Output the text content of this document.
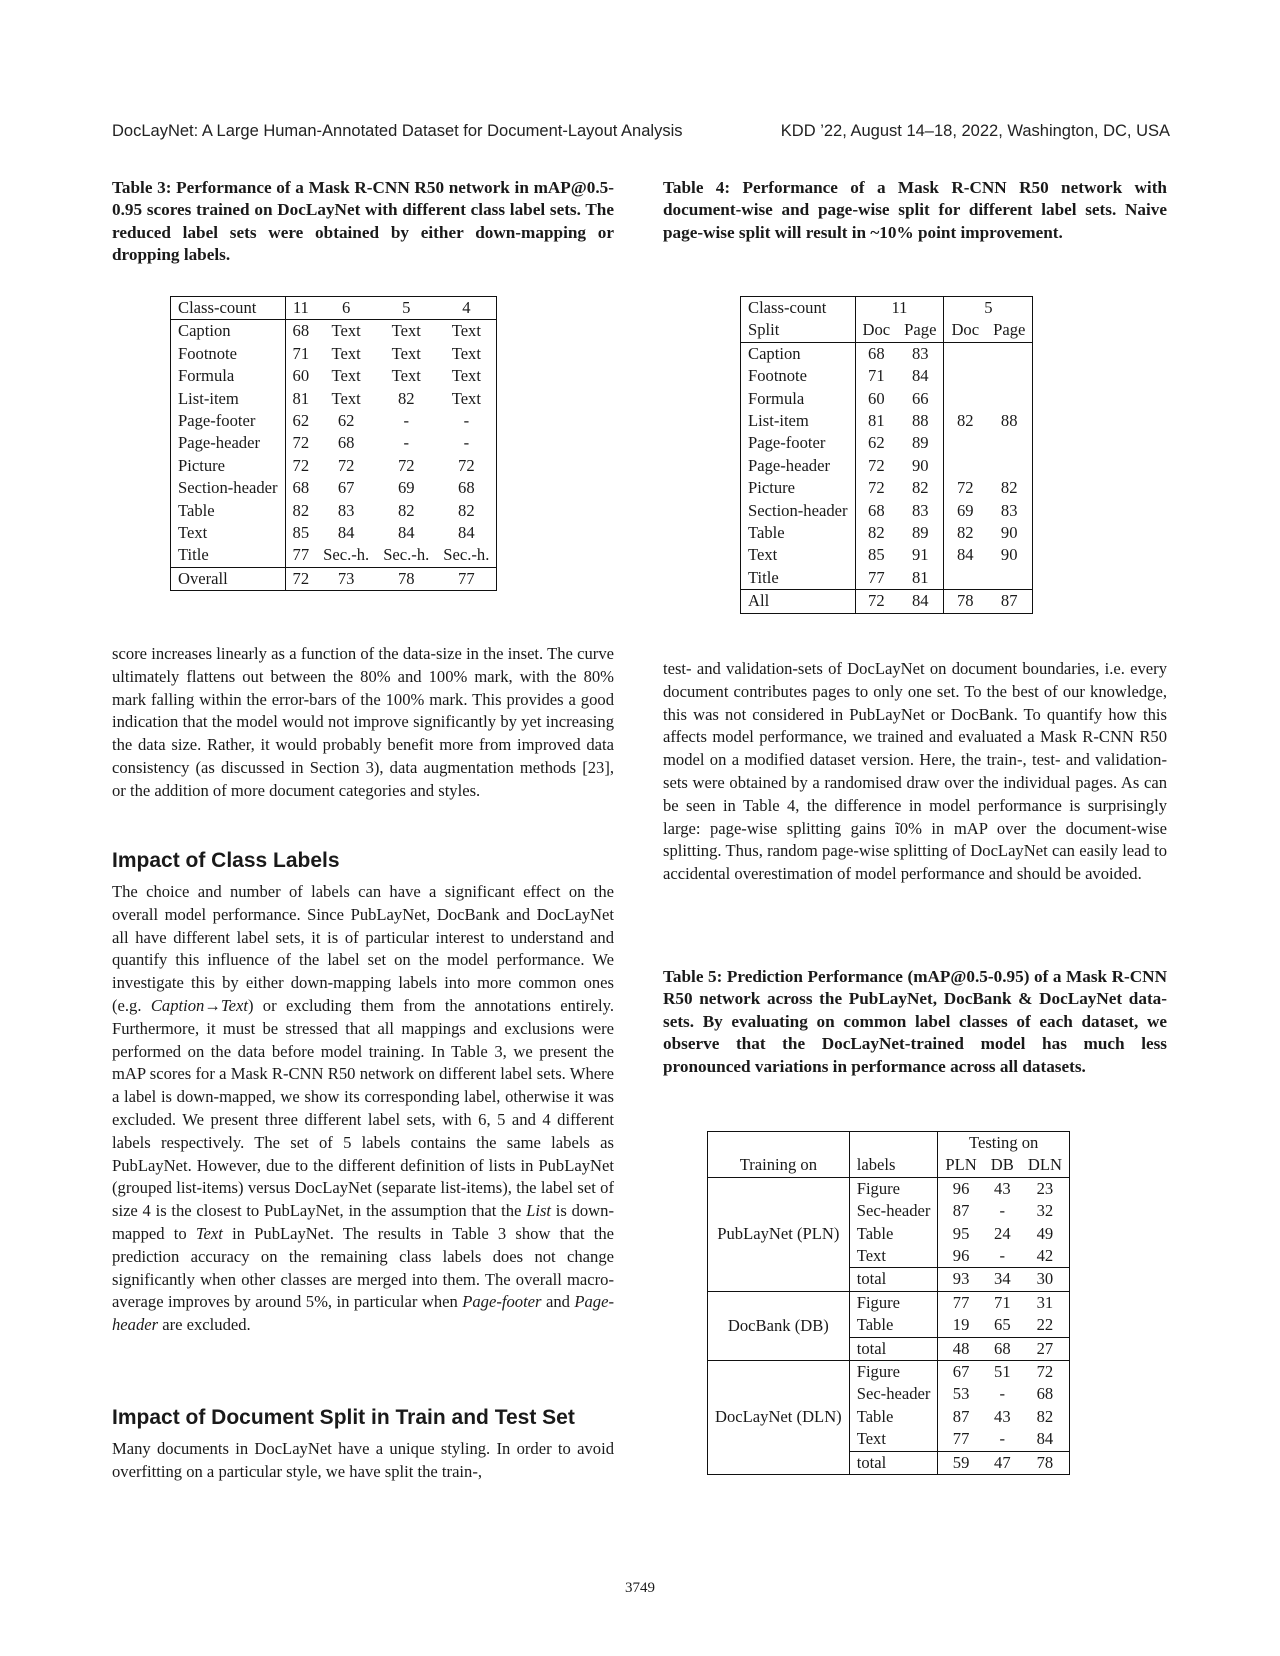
DocLayNet: A Large Human-Annotated Dataset for Document-Layout Analysis	KDD ’22, August 14–18, 2022, Washington, DC, USA
Table 3: Performance of a Mask R-CNN R50 network in mAP@0.5-0.95 scores trained on DocLayNet with different class label sets. The reduced label sets were obtained by either down-mapping or dropping labels.
Class-count	11	6	5	4
Caption	68	Text	Text	Text
Footnote	71	Text	Text	Text
Formula	60	Text	Text	Text
List-item	81	Text	82	Text
Page-footer	62	62	-	-
Page-header	72	68	-	-
Picture	72	72	72	72
Section-header	68	67	69	68
Table	82	83	82	82
Text	85	84	84	84
Title	77	Sec.-h.	Sec.-h.	Sec.-h.
Overall	72	73	78	77
Table 4: Performance of a Mask R-CNN R50 network with document-wise and page-wise split for different label sets. Naive page-wise split will result in ~10% point improvement.
Class-count	11		5	
Split	Doc	Page	Doc	Page
Caption	68	83		
Footnote	71	84		
Formula	60	66		
List-item	81	88	82	88
Page-footer	62	89		
Page-header	72	90		
Picture	72	82	72	82
Section-header	68	83	69	83
Table	82	89	82	90
Text	85	91	84	90
Title	77	81		
All	72	84	78	87
score increases linearly as a function of the data-size in the inset. The curve ultimately flattens out between the 80% and 100% mark, with the 80% mark falling within the error-bars of the 100% mark. This provides a good indication that the model would not improve significantly by yet increasing the data size. Rather, it would probably benefit more from improved data consistency (as discussed in Section 3), data augmentation methods [23], or the addition of more document categories and styles.
Impact of Class Labels

The choice and number of labels can have a significant effect on the overall model performance. Since PubLayNet, DocBank and DocLayNet all have different label sets, it is of particular interest to understand and quantify this influence of the label set on the model performance. We investigate this by either down-mapping labels into more common ones (e.g. Caption→Text) or excluding them from the annotations entirely. Furthermore, it must be stressed that all mappings and exclusions were performed on the data before model training. In Table 3, we present the mAP scores for a Mask R-CNN R50 network on different label sets. Where a label is down-mapped, we show its corresponding label, otherwise it was excluded. We present three different label sets, with 6, 5 and 4 different labels respectively. The set of 5 labels contains the same labels as PubLayNet. However, due to the different definition of lists in PubLayNet (grouped list-items) versus DocLayNet (separate list-items), the label set of size 4 is the closest to PubLayNet, in the assumption that the List is down-mapped to Text in PubLayNet. The results in Table 3 show that the prediction accuracy on the remaining class labels does not change significantly when other classes are merged into them. The overall macro-average improves by around 5%, in particular when Page-footer and Page-header are excluded.

Impact of Document Split in Train and Test Set
Many documents in DocLayNet have a unique styling. In order to avoid overfitting on a particular style, we have split the train-,
test- and validation-sets of DocLayNet on document boundaries, i.e. every document contributes pages to only one set. To the best of our knowledge, this was not considered in PubLayNet or DocBank. To quantify how this affects model performance, we trained and evaluated a Mask R-CNN R50 model on a modified dataset version. Here, the train-, test- and validation-sets were obtained by a randomised draw over the individual pages. As can be seen in Table 4, the difference in model performance is surprisingly large: page-wise splitting gains ĩ0% in mAP over the document-wise splitting. Thus, random page-wise splitting of DocLayNet can easily lead to accidental overestimation of model performance and should be avoided.
Table 5: Prediction Performance (mAP@0.5-0.95) of a Mask R-CNN R50 network across the PubLayNet, DocBank & DocLayNet data-sets. By evaluating on common label classes of each dataset, we observe that the DocLayNet-trained model has much less pronounced variations in performance across all datasets.
Training on	labels	Testing on		
		PLN	DB	DLN
PubLayNet (PLN)	Figure	96	43	23
	Sec-header	87	-	32
	Table	95	24	49
	Text	96	-	42
	total	93	34	30
DocBank (DB)	Figure	77	71	31
	Table	19	65	22
	total	48	68	27
DocLayNet (DLN)	Figure	67	51	72
	Sec-header	53	-	68
	Table	87	43	82
	Text	77	-	84
	total	59	47	78
3749
